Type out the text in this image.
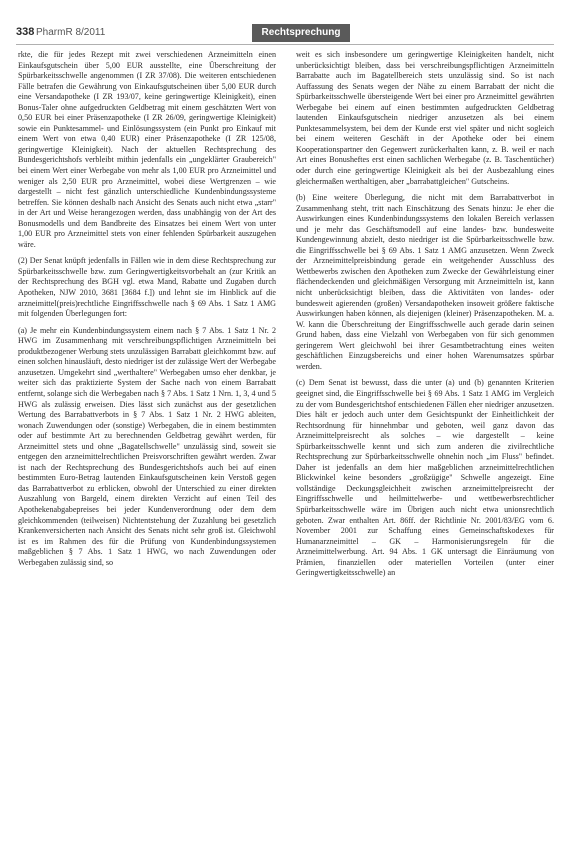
338 PharmR 8/2011	Rechtsprechung

rkte, die für jedes Rezept mit zwei verschiedenen Arzneimitteln einen Einkaufsgutschein über 5,00 EUR ausstellte, eine Überschreitung der Spürbarkeitsschwelle angenommen (I ZR 37/08). Die weiteren entschiedenen Fälle betrafen die Gewährung von Einkaufsgutscheinen über 5,00 EUR durch eine Versandapotheke (I ZR 193/07, keine geringwertige Kleinigkeit), einen Bonus-Taler ohne aufgedruckten Geldbetrag mit einem geschätzten Wert von 0,50 EUR bei einer Präsenzapotheke (I ZR 26/09, geringwertige Kleinigkeit) sowie ein Punktesammel- und Einlösungssystem (ein Punkt pro Einkauf mit einem Wert von etwa 0,40 EUR) einer Präsenzapotheke (I ZR 125/08, geringwertige Kleinigkeit). Nach der aktuellen Rechtsprechung des Bundesgerichtshofs verbleibt mithin jedenfalls ein „ungeklärter Graubereich" bei einem Wert einer Werbegabe von mehr als 1,00 EUR pro Arzneimittel und weniger als 2,50 EUR pro Arzneimittel, wobei diese Wertgrenzen – wie dargestellt – nicht fest gänzlich unterschiedliche Kundenbindungssysteme betreffen. Sie können deshalb nach Ansicht des Senats auch nicht etwa „starr" in der Art und Weise herangezogen werden, dass unabhängig von der Art des Bonusmodells und dem Bandbreite des Einsatzes bei einem Wert von unter 1,00 EUR pro Arzneimittel stets von einer fehlenden Spürbarkeit auszugehen wäre.

(2) Der Senat knüpft jedenfalls in Fällen wie in dem diese Rechtsprechung zur Spürbarkeitsschwelle bzw. zum Geringwertigkeitsvorbehalt an (zur Kritik an der Rechtsprechung des BGH vgl. etwa Mand, Rabatte und Zugaben durch Apotheken, NJW 2010, 3681 [3684 f.]) und lehnt sie im Hinblick auf die arzneimittel(preis)rechtliche Eingriffsschwelle nach § 69 Abs. 1 Satz 1 AMG mit folgenden Überlegungen fort:

(a) Je mehr ein Kundenbindungssystem einem nach § 7 Abs. 1 Satz 1 Nr. 2 HWG im Zusammenhang mit verschreibungspflichtigen Arzneimitteln bei produktbezogener Werbung stets unzulässigen Barrabatt gleichkommt bzw. auf einen solchen hinausläuft, desto niedriger ist der zulässige Wert der Werbegabe anzusetzen. Umgekehrt sind „werthaltere" Werbegaben umso eher denkbar, je weiter sich das praktizierte System der Sache nach von einem Barrabatt entfernt, solange sich die Werbegaben nach § 7 Abs. 1 Satz 1 Nrn. 1, 3, 4 und 5 HWG als zulässig erweisen. Dies lässt sich zunächst aus der gesetzlichen Wertung des Barrabattverbots in § 7 Abs. 1 Satz 1 Nr. 2 HWG ableiten, wonach Zuwendungen oder (sonstige) Werbegaben, die in einem bestimmten oder auf bestimmte Art zu berechnenden Geldbetrag gewährt werden, für Arzneimittel stets und ohne „Bagatellschwelle" unzulässig sind, soweit sie entgegen den arzneimittelrechtlichen Preisvorschriften gewährt werden. Zwar ist nach der Rechtsprechung des Bundesgerichtshofs auch bei auf einen bestimmten Euro-Betrag lautenden Einkaufsgutscheinen kein Verstoß gegen das Barrabattverbot zu erblicken, obwohl der Unterschied zu einer direkten Auszahlung von Bargeld, einem direkten Verzicht auf einen Teil des Apothekenabgabepreises bei jeder Kundenverordnung oder dem dem gleichkommenden (teilweisen) Nichtentstehung der Zuzahlung bei gesetzlich Krankenversicherten nach Ansicht des Senats nicht sehr groß ist. Gleichwohl ist es im Rahmen des für die Prüfung von Kundenbindungssystemen maßgeblichen § 7 Abs. 1 Satz 1 HWG, wo nach Zuwendungen oder Werbegaben zulässig sind, so

weit es sich insbesondere um geringwertige Kleinigkeiten handelt, nicht unberücksichtigt bleiben, dass bei verschreibungspflichtigen Arzneimitteln Barrabatte auch im Bagatellbereich stets unzulässig sind. So ist nach Auffassung des Senats wegen der Nähe zu einem Barrabatt der nicht die Spürbarkeitsschwelle übersteigende Wert bei einer pro Arzneimittel gewährten Werbegabe bei einem auf einen bestimmten aufgedruckten Geldbetrag lautenden Einkaufsgutschein niedriger anzusetzen als bei einem Punktesammelsystem, bei dem der Kunde erst viel später und nicht sogleich bei einem weiteren Geschäft in der Apotheke oder bei einem Kooperationspartner den Gegenwert zurückerhalten kann, z. B. weil er nach Art eines Bonusheftes erst einen sachlichen Werbegabe (z. B. Taschentücher) oder durch eine geringwertige Kleinigkeit als bei der Ausbezahlung eines gleichermaßen werthaltigen, aber „barrabattgleichen" Gutscheins.

(b) Eine weitere Überlegung, die nicht mit dem Barrabattverbot in Zusammenhang steht, tritt nach Einschätzung des Senats hinzu: Je eher die Auswirkungen eines Kundenbindungssystems den lokalen Bereich verlassen und je mehr das Geschäftsmodell auf eine landes- bzw. bundesweite Kundengewinnung abzielt, desto niedriger ist die Spürbarkeitsschwelle bzw. die Eingriffsschwelle bei § 69 Abs. 1 Satz 1 AMG anzusetzen. Wenn Zweck der Arzneimittelpreisbindung gerade ein weitgehender Ausschluss des Wettbewerbs zwischen den Apotheken zum Zwecke der Gewährleistung einer flächendeckenden und gleichmäßigen Versorgung mit Arzneimitteln ist, kann nicht unberücksichtigt bleiben, dass die Aktivitäten von landes- oder bundesweit agierenden (großen) Versandapotheken insoweit größere faktische Auswirkungen haben können, als diejenigen (kleiner) Präsenzapotheken. M. a. W. kann die Überschreitung der Eingriffsschwelle auch gerade darin seinen Grund haben, dass eine Vielzahl von Werbegaben von für sich genommen geringerem Wert gleichwohl bei ihrer Gesamtbetrachtung eines weiten geschäftlichen Einzugsbereichs und einer hohen Warenumsatzes spürbar werden.

(c) Dem Senat ist bewusst, dass die unter (a) und (b) genannten Kriterien geeignet sind, die Eingriffsschwelle bei § 69 Abs. 1 Satz 1 AMG im Vergleich zu der vom Bundesgerichtshof entschiedenen Fällen eher niedriger anzusetzen. Dies hält er jedoch auch unter dem Gesichtspunkt der Einheitlichkeit der Rechtsordnung für hinnehmbar und geboten, weil ganz davon das Arzneimittelpreisrecht als solches – wie dargestellt – keine Spürbarkeitsschwelle kennt und sich zum anderen die zivilrechtliche Rechtsprechung zur Spürbarkeitsschwelle ohnehin noch „im Fluss" befindet. Daher ist jedenfalls an dem hier maßgeblichen arzneimittelrechtlichen Blickwinkel keine besonders „großzügige" Schwelle angezeigt. Eine vollständige Deckungsgleichheit zwischen arzneimittelpreisrecht der Eingriffsschwelle und heilmittelwerbe- und wettbewerbsrechtlicher Spürbarkeitsschwelle wäre im Übrigen auch nicht etwa unionsrechtlich geboten. Zwar enthalten Art. 86ff. der Richtlinie Nr. 2001/83/EG vom 6. November 2001 zur Schaffung eines Gemeinschaftskodexes für Humanarzneimittel – GK – Harmonisierungsregeln für die Arzneimittelwerbung. Art. 94 Abs. 1 GK untersagt die Einräumung von Prämien, finanziellen oder materiellen Vorteilen (unter einer Geringwertigkeitsschwelle) an
